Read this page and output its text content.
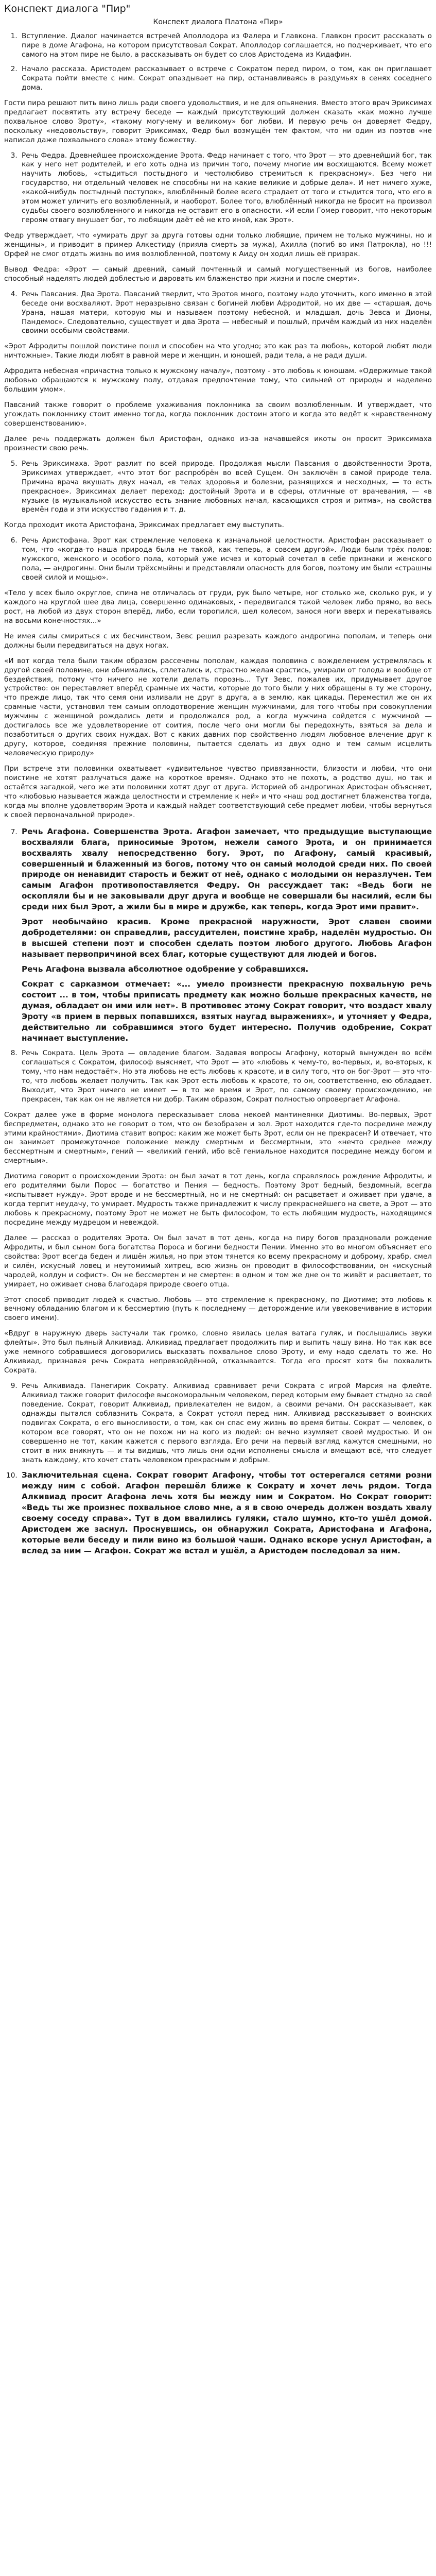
Конспект диалога "Пир"
Конспект диалога Платона «Пир»
1. Вступление. Диалог начинается встречей Аполлодора из Фалера и Главкона. Главкон просит рассказать о пире в доме Агафона, на котором присутствовал Сократ. Аполлодор соглашается, но подчеркивает, что его самого на этом пире не было, а рассказывать он будет со слов Аристодема из Кидафин.
2. Начало рассказа. Аристодем рассказывает о встрече с Сократом перед пиром, о том, как он приглашает Сократа пойти вместе с ним. Сократ опаздывает на пир, останавливаясь в раздумьях в сенях соседнего дома.

Гости пира решают пить вино лишь ради своего удовольствия, и не для опьянения. Вместо этого врач Эриксимах предлагает посвятить эту встречу беседе — каждый присутствующий должен сказать «как можно лучше похвальное слово Эроту», «такому могучему и великому» бог любви. И первую речь он доверяет Федру, поскольку «недовольству», говорит Эриксимах, Федр был возмущён тем фактом, что ни один из поэтов «не написал даже похвального слова» этому божеству.

3. Речь Федра. Древнейшее происхождение Эрота. Федр начинает с того, что Эрот — это древнейший бог, так как у него нет родителей, и его хоть одна из причин того, почему многие им восхищаются. Всему может научить любовь, «стыдиться постыдного и честолюбиво стремиться к прекрасному». Без чего ни государство, ни отдельный человек не способны ни на какие великие и добрые дела». И нет ничего хуже, «какой-нибудь постыдный поступок», влюблённый более всего страдает от того и стыдится того, что его в этом может уличить его возлюбленный, и наоборот. Более того, влюблённый никогда не бросит на произвол судьбы своего возлюбленного и никогда не оставит его в опасности. «И если Гомер говорит, что некоторым героям отвагу внушает бог, то любящим даёт её не кто иной, как Эрот».

Федр утверждает, что «умирать друг за друга готовы одни только любящие, причем не только мужчины, но и женщины», и приводит в пример Алкестиду (прияла смерть за мужа), Ахилла (погиб во имя Патрокла), но !!! Орфей не смог отдать жизнь во имя возлюбленной, поэтому к Аиду он ходил лишь её призрак.

Вывод Федра: «Эрот — самый древний, самый почтенный и самый могущественный из богов, наиболее способный наделять людей доблестью и даровать им блаженство при жизни и после смерти».

4. Речь Павсания. Два Эрота. Павсаний твердит, что Эротов много, поэтому надо уточнить, кого именно в этой беседе они восхваляют. Эрот неразрывно связан с богиней любви Афродитой, но их две — «старшая, дочь Урана, нашая матери, которую мы и называем поэтому небесной, и младшая, дочь Зевса и Дионы, Пандемос». Следовательно, существует и два Эрота — небесный и пошлый, причём каждый из них наделён своими особыми свойствами.

«Эрот Афродиты пошлой поистине пошл и способен на что угодно; это как раз та любовь, которой любят люди ничтожные». Такие люди любят в равной мере и женщин, и юношей, ради тела, а не ради души.

Афродита небесная «причастна только к мужскому началу», поэтому - это любовь к юношам. «Одержимые такой любовью обращаются к мужскому полу, отдавая предпочтение тому, что сильней от природы и наделено большим умом».

Павсаний также говорит о проблеме ухаживания поклонника за своим возлюбленным. И утверждает, что угождать поклоннику стоит именно тогда, когда поклонник достоин этого и когда это ведёт к «нравственному совершенствованию».

Далее речь поддержать должен был Аристофан, однако из-за начавшейся икоты он просит Эриксимаха произнести свою речь.

5. Речь Эриксимаха. Эрот разлит по всей природе. Продолжая мысли Павсания о двойственности Эрота, Эриксимах утверждает, «что этот бог распробрён во всей Сущем. Он заключён в самой природе тела. Причина врача вкушать двух начал, «в телах здоровья и болезни, разнящихся и несходных, — то есть прекрасное». Эриксимах делает переход: достойный Эрота и в сферы, отличные от врачевания, — «в музыке (в музыкальной искусство есть знание любовных начал, касающихся строя и ритма», на свойства времён года и эти искусство гадания и т. д.

Когда проходит икота Аристофана, Эриксимах предлагает ему выступить.

6. Речь Аристофана. Эрот как стремление человека к изначальной целостности. Аристофан рассказывает о том, что «когда-то наша природа была не такой, как теперь, а совсем другой». Люди были трёх полов: мужского, женского и особого пола, который уже исчез и который сочетал в себе признаки и женского пола, — андрогины. Они были трёхсмыйны и представляли опасность для богов, поэтому им были «страшны своей силой и мощью».

«Тело у всех было округлое, спина не отличалась от груди, рук было четыре, ног столько же, сколько рук, и у каждого на круглой шее два лица, совершенно одинаковых, - передвигался такой человек либо прямо, во весь рост, на любой из двух сторон вперёд, либо, если торопился, шел колесом, занося ноги вверх и перекатываясь на восьми конечностях...»

Не имея силы смириться с их бесчинством, Зевс решил разрезать каждого андрогина пополам, и теперь они должны были передвигаться на двух ногах.

«И вот когда тела были таким образом рассечены пополам, каждая половина с вожделением устремлялась к другой своей половине, они обнимались, сплетались и, страстно желая срастись, умирали от голода и вообще от бездействия, потому что ничего не хотели делать порознь... Тут Зевс, пожалев их, придумывает другое устройство: он переставляет вперёд срамные их части, которые до того были у них обращены в ту же сторону, что прежде лицо, так что семя они изливали не друг в друга, а в землю, как цикады. Переместил же он их срамные части, установил тем самым оплодотворение женщин мужчинами, для того чтобы при совокуплении мужчины с женщиной рождались дети и продолжался род, а когда мужчина сойдется с мужчиной — достигалось все же удовлетворение от соития, после чего они могли бы передохнуть, взяться за дела и позаботиться о других своих нуждах. Вот с каких давних пор свойственно людям любовное влечение друг к другу, которое, соединяя прежние половины, пытается сделать из двух одно и тем самым исцелить человеческую природу»

При встрече эти половинки охватывает «удивительное чувство привязанности, близости и любви, что они поистине не хотят разлучаться даже на короткое время». Однако это не похоть, а родство душ, но так и остаётся загадкой, чего же эти половинки хотят друг от друга. Историей об андрогинах Аристофан объясняет, что «любовью называется жажда целостности и стремление к ней» и что «наш род достигнет блаженства тогда, когда мы вполне удовлетворим Эрота и каждый найдет соответствующий себе предмет любви, чтобы вернуться к своей первоначальной природе».

7. Речь Агафона. Совершенства Эрота. Агафон замечает, что предыдущие выступающие восхваляли блага, приносимые Эротом, нежели самого Эрота, и он принимается восхвалять хвалу непосредственно богу. Эрот, по Агафону, самый красивый, совершенный и блаженный из богов, потому что он самый молодой среди них. По своей природе он ненавидит старость и бежит от неё, однако с молодыми он неразлучен. Тем самым Агафон противопоставляется Федру. Он рассуждает так: «Ведь боги не оскопляли бы и не заковывали друг друга и вообще не совершали бы насилий, если бы среди них был Эрот, а жили бы в мире и дружбе, как теперь, когда Эрот ими правит».

Эрот необычайно красив. Кроме прекрасной наружности, Эрот славен своими добродетелями: он справедлив, рассудителен, поистине храбр, наделён мудростью. Он в высшей степени поэт и способен сделать поэтом любого другого. Любовь Агафон называет первопричиной всех благ, которые существуют для людей и богов.

Речь Агафона вызвала абсолютное одобрение у собравшихся.

Сократ с сарказмом отмечает: «... умело произнести прекрасную похвальную речь состоит ... в том, чтобы приписать предмету как можно больше прекрасных качеств, не думая, обладает он ими или нет». В противовес этому Сократ говорит, что воздаст хвалу Эроту «в прием в первых попавшихся, взятых наугад выражениях», и уточняет у Федра, действительно ли собравшимся этого будет интересно. Получив одобрение, Сократ начинает выступление.

8. Речь Сократа. Цель Эрота — овладение благом. Задавая вопросы Агафону, который вынужден во всём соглашаться с Сократом, философ выясняет, что Эрот — это «любовь к чему-то, во-первых, и, во-вторых, к тому, что нам недостаёт». Но эта любовь не есть любовь к красоте, и в силу того, что он бог-Эрот — это что-то, что любовь желает получить. Так как Эрот есть любовь к красоте, то он, соответственно, ею обладает. Выходит, что Эрот ничего не имеет — в то же время и Эрот, по самому своему происхождению, не прекрасен, так как он не является ни добр. Таким образом, Сократ полностью опровергает Агафона.

Сократ далее уже в форме монолога пересказывает слова некоей мантинеянки Диотимы. Во-первых, Эрот беспредметен, однако это не говорит о том, что он безобразен и зол. Эрот находится где-то посредине между этими крайностями». Диотима ставит вопрос: каким же может быть Эрот, если он не прекрасен? И отвечает, что он занимает промежуточное положение между смертным и бессмертным, это «нечто среднее между бессмертным и смертным», гений — «великий гений, ибо всё гениальное находится посредине между богом и смертным».

Диотима говорит о происхождении Эрота: он был зачат в тот день, когда справлялось рождение Афродиты, и его родителями были Порос — богатство и Пения — бедность. Поэтому Эрот бедный, бездомный, всегда «испытывает нужду». Эрот вроде и не бессмертный, но и не смертный: он расцветает и оживает при удаче, а когда терпит неудачу, то умирает. Мудрость также принадлежит к числу прекраснейшего на свете, а Эрот — это любовь к прекрасному, поэтому Эрот не может не быть философом, то есть любящим мудрость, находящимся посредине между мудрецом и невеждой.

Далее — рассказ о родителях Эрота. Он был зачат в тот день, когда на пиру богов праздновали рождение Афродиты, и был сыном бога богатства Пороса и богини бедности Пении. Именно это во многом объясняет его свойства: Эрот всегда беден и лишён жилья, но при этом тянется ко всему прекрасному и доброму, храбр, смел и силён, искусный ловец и неутомимый хитрец, всю жизнь он проводит в философствовании, он «искусный чародей, колдун и софист». Он не бессмертен и не смертен: в одном и том же дне он то живёт и расцветает, то умирает, но оживает снова благодаря природе своего отца.

Этот способ приводит людей к счастью. Любовь — это стремление к прекрасному, по Диотиме; это любовь к вечному обладанию благом и к бессмертию (путь к последнему — деторождение или увековечивание в истории своего имени).

«Вдруг в наружную дверь застучали так громко, словно явилась целая ватага гуляк, и послышались звуки флейты». Это был пьяный Алкивиад. Алкивиад предлагает продолжить пир и выпить чашу вина. Но так как все уже немного собравшиеся договорились высказать похвальное слово Эроту, и ему надо сделать то же. Но Алкивиад, признавая речь Сократа непревзойдённой, отказывается. Тогда его просят хотя бы похвалить Сократа.

9. Речь Алкивиада. Панегирик Сократу. Алкивиад сравнивает речи Сократа с игрой Марсия на флейте. Алкивиад также говорит философе высокоморальным человеком, перед которым ему бывает стыдно за своё поведение. Сократ, говорит Алкивиад, привлекателен не видом, а своими речами. Он рассказывает, как однажды пытался соблазнить Сократа, а Сократ устоял перед ним. Алкивиад рассказывает о воинских подвигах Сократа, о его выносливости, о том, как он спас ему жизнь во время битвы. Сократ — человек, о котором все говорят, что он не похож ни на кого из людей: он вечно изумляет своей мудростью. И он совершенно не тот, каким кажется с первого взгляда. Его речи на первый взгляд кажутся смешными, но стоит в них вникнуть — и ты видишь, что лишь они одни исполнены смысла и вмещают всё, что следует знать каждому, кто хочет стать человеком прекрасным и добрым.
10. Заключительная сцена. Сократ говорит Агафону, чтобы тот остерегался сетями розни между ним с собой. Агафон перешёл ближе к Сократу и хочет лечь рядом. Тогда Алкивиад просит Агафона лечь хотя бы между ним и Сократом. Но Сократ говорит: «Ведь ты же произнес похвальное слово мне, а я в свою очередь должен воздать хвалу своему соседу справа». Тут в дом ввалились гуляки, стало шумно, кто-то ушёл домой. Аристодем же заснул. Проснувшись, он обнаружил Сократа, Аристофана и Агафона, которые вели беседу и пили вино из большой чаши. Однако вскоре уснул Аристофан, а вслед за ним — Агафон. Сократ же встал и ушёл, а Аристодем последовал за ним.
